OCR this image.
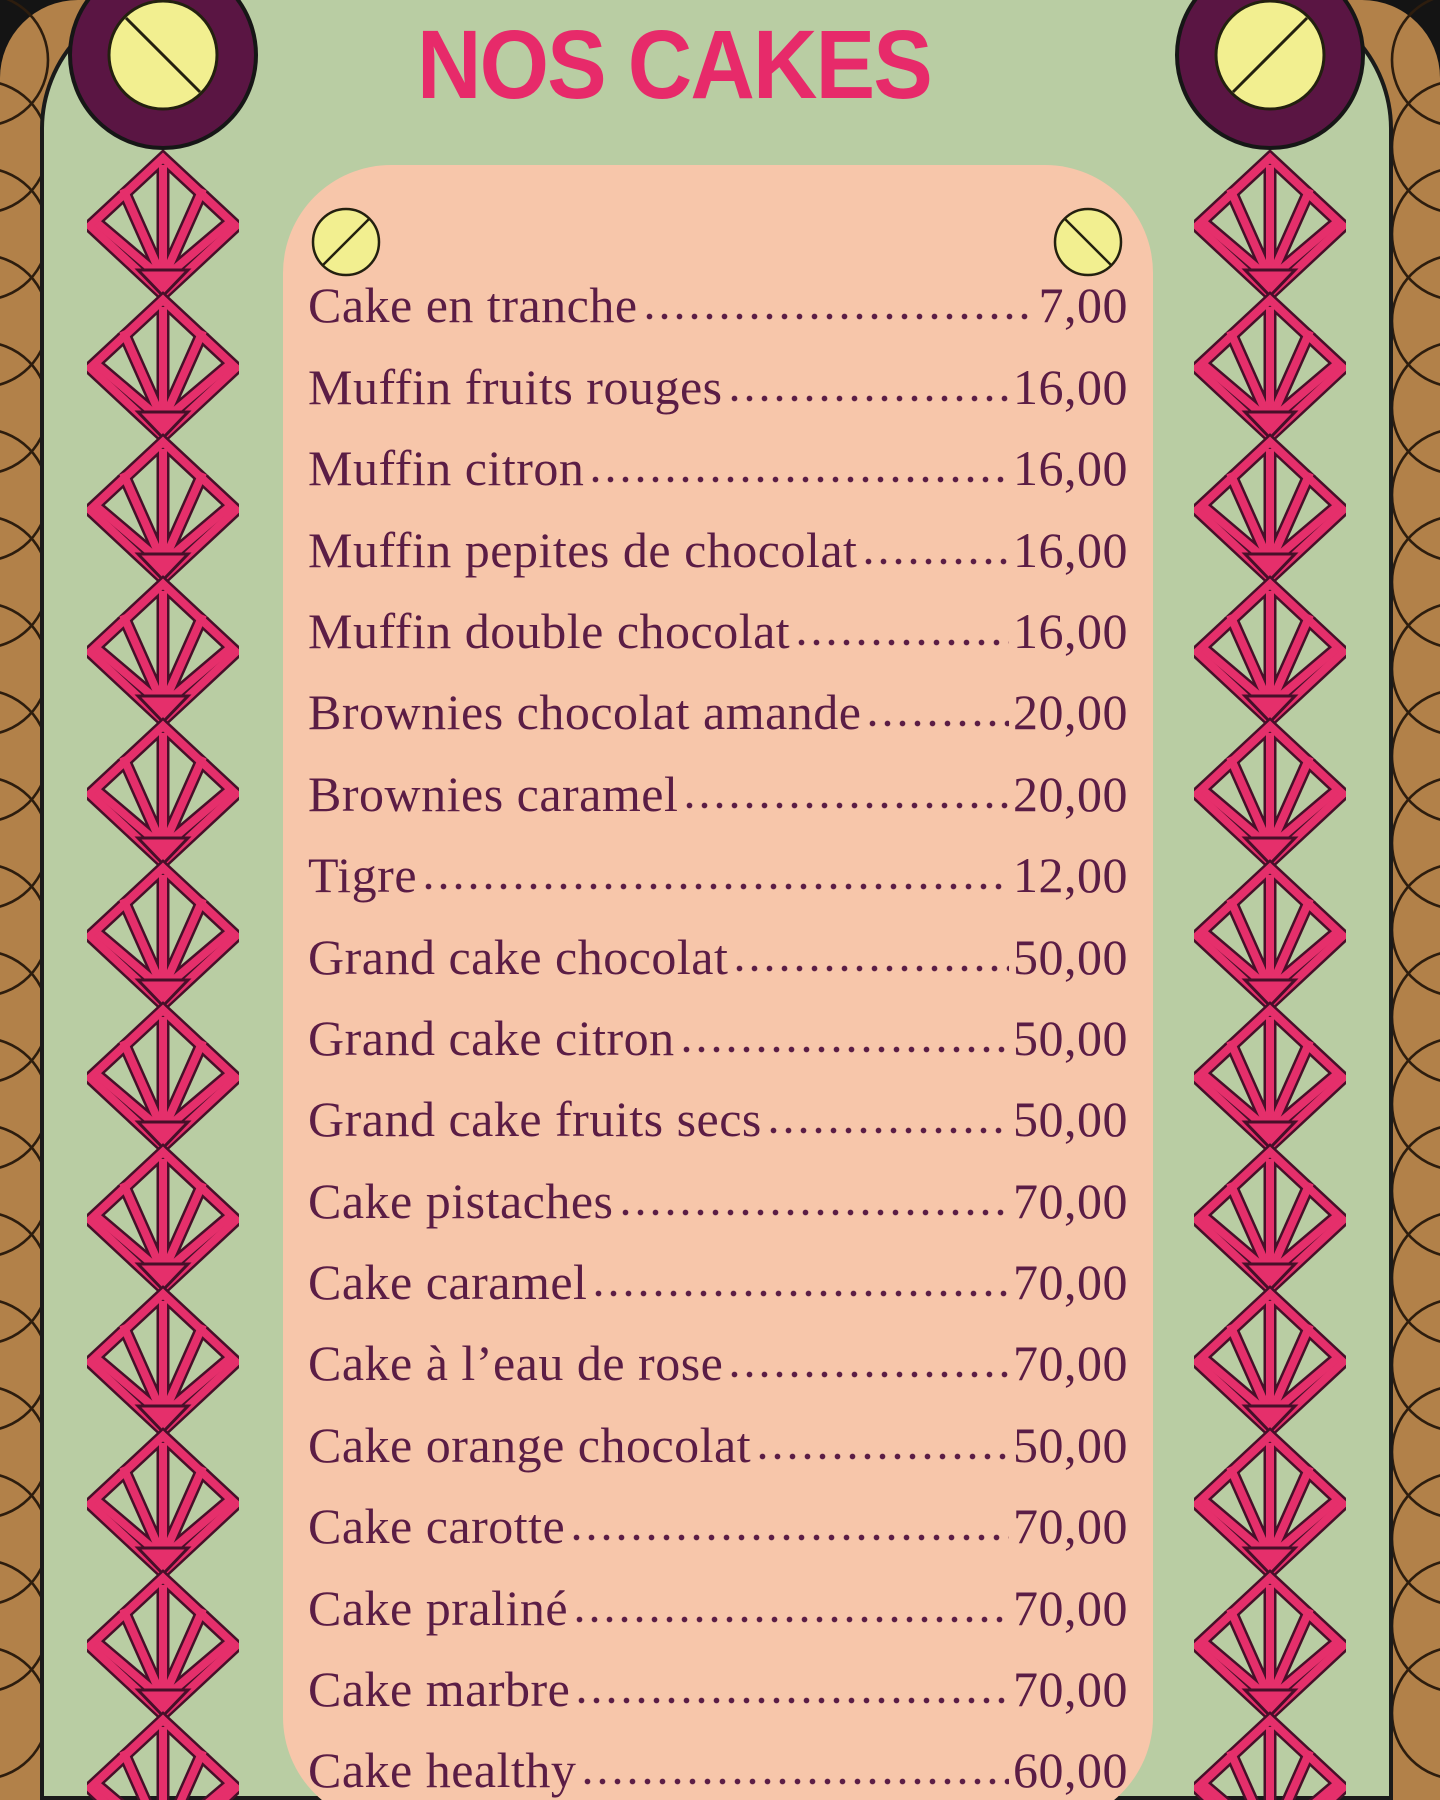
NOS CAKES
Cake en tranche	7,00
Muffin fruits rouges	16,00
Muffin citron	16,00
Muffin pepites de chocolat	16,00
Muffin double chocolat	16,00
Brownies chocolat amande	20,00
Brownies caramel	20,00
Tigre	12,00
Grand cake chocolat	50,00
Grand cake citron	50,00
Grand cake fruits secs	50,00
Cake pistaches	70,00
Cake caramel	70,00
Cake à l’eau de rose	70,00
Cake orange chocolat	50,00
Cake carotte	70,00
Cake praliné	70,00
Cake marbre	70,00
Cake healthy	60,00
